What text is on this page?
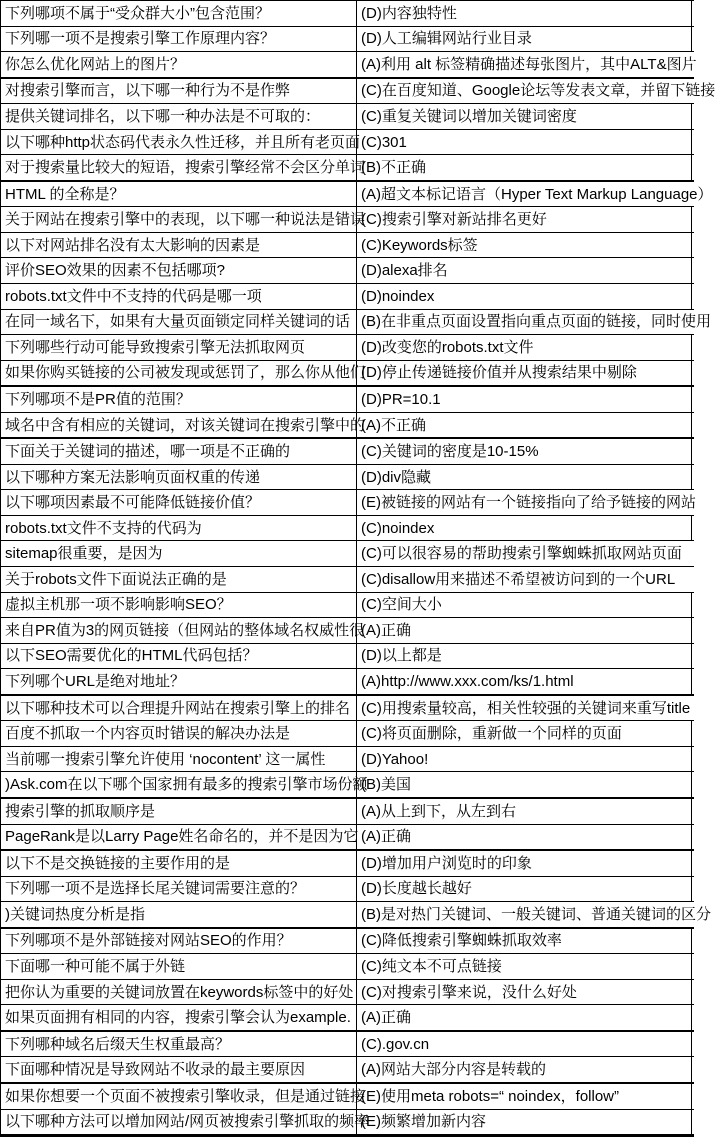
下列哪项不属于“受众群大小”包含范围？	(D)内容独特性
下列哪一项不是搜索引擎工作原理内容？	(D)人工编辑网站行业目录
你怎么优化网站上的图片？	(A)利用 alt 标签精确描述每张图片，其中ALT&图片
对搜索引擎而言，以下哪一种行为不是作弊	(C)在百度知道、Google论坛等发表文章，并留下链接
提供关键词排名，以下哪一种办法是不可取的：	(C)重复关键词以增加关键词密度
以下哪种http状态码代表永久性迁移，并且所有老页面	(C)301
对于搜索量比较大的短语，搜索引擎经常不会区分单词	(B)不正确
HTML 的全称是？	(A)超文本标记语言（Hyper Text Markup Language）
关于网站在搜索引擎中的表现，以下哪一种说法是错误	(C)搜索引擎对新站排名更好
以下对网站排名没有太大影响的因素是	(C)Keywords标签
评价SEO效果的因素不包括哪项?	(D)alexa排名
robots.txt文件中不支持的代码是哪一项	(D)noindex
在同一域名下，如果有大量页面锁定同样关键词的话	(B)在非重点页面设置指向重点页面的链接，同时使用
下列哪些行动可能导致搜索引擎无法抓取网页	(D)改变您的robots.txt文件
如果你购买链接的公司被发现或惩罚了，那么你从他们	(D)停止传递链接价值并从搜索结果中剔除
下列哪项不是PR值的范围？	(D)PR=10.1
域名中含有相应的关键词，对该关键词在搜索引擎中的	(A)不正确
下面关于关键词的描述，哪一项是不正确的	(C)关键词的密度是10-15%
以下哪种方案无法影响页面权重的传递	(D)div隐藏
以下哪项因素最不可能降低链接价值？	(E)被链接的网站有一个链接指向了给予链接的网站
robots.txt文件不支持的代码为	(C)noindex
sitemap很重要，是因为	(C)可以很容易的帮助搜索引擎蜘蛛抓取网站页面
关于robots文件下面说法正确的是	(C)disallow用来描述不希望被访问到的一个URL
虚拟主机那一项不影响影响SEO？	(C)空间大小
来自PR值为3的网页链接（但网站的整体域名权威性很	(A)正确
以下SEO需要优化的HTML代码包括？	(D)以上都是
下列哪个URL是绝对地址？	(A)http://www.xxx.com/ks/1.html
以下哪种技术可以合理提升网站在搜索引擎上的排名	(C)用搜索量较高，相关性较强的关键词来重写title
百度不抓取一个内容页时错误的解决办法是	(C)将页面删除，重新做一个同样的页面
当前哪一搜索引擎允许使用 ‘nocontent’ 这一属性	(D)Yahoo!
)Ask.com在以下哪个国家拥有最多的搜索引擎市场份额	(B)美国
搜索引擎的抓取顺序是	(A)从上到下，从左到右
PageRank是以Larry Page姓名命名的，并不是因为它	(A)正确
以下不是交换链接的主要作用的是	(D)增加用户浏览时的印象
下列哪一项不是选择长尾关键词需要注意的？	(D)长度越长越好
)关键词热度分析是指	(B)是对热门关键词、一般关键词、普通关键词的区分
下列哪项不是外部链接对网站SEO的作用？	(C)降低搜索引擎蜘蛛抓取效率
下面哪一种可能不属于外链	(C)纯文本不可点链接
把你认为重要的关键词放置在keywords标签中的好处	(C)对搜索引擎来说，没什么好处
如果页面拥有相同的内容，搜索引擎会认为example.	(A)正确
下列哪种域名后缀天生权重最高？	(C).gov.cn
下面哪种情况是导致网站不收录的最主要原因	(A)网站大部分内容是转载的
如果你想要一个页面不被搜索引擎收录，但是通过链接	(E)使用meta robots=“ noindex，follow”
以下哪种方法可以增加网站/网页被搜索引擎抓取的频率	(E)频繁增加新内容
